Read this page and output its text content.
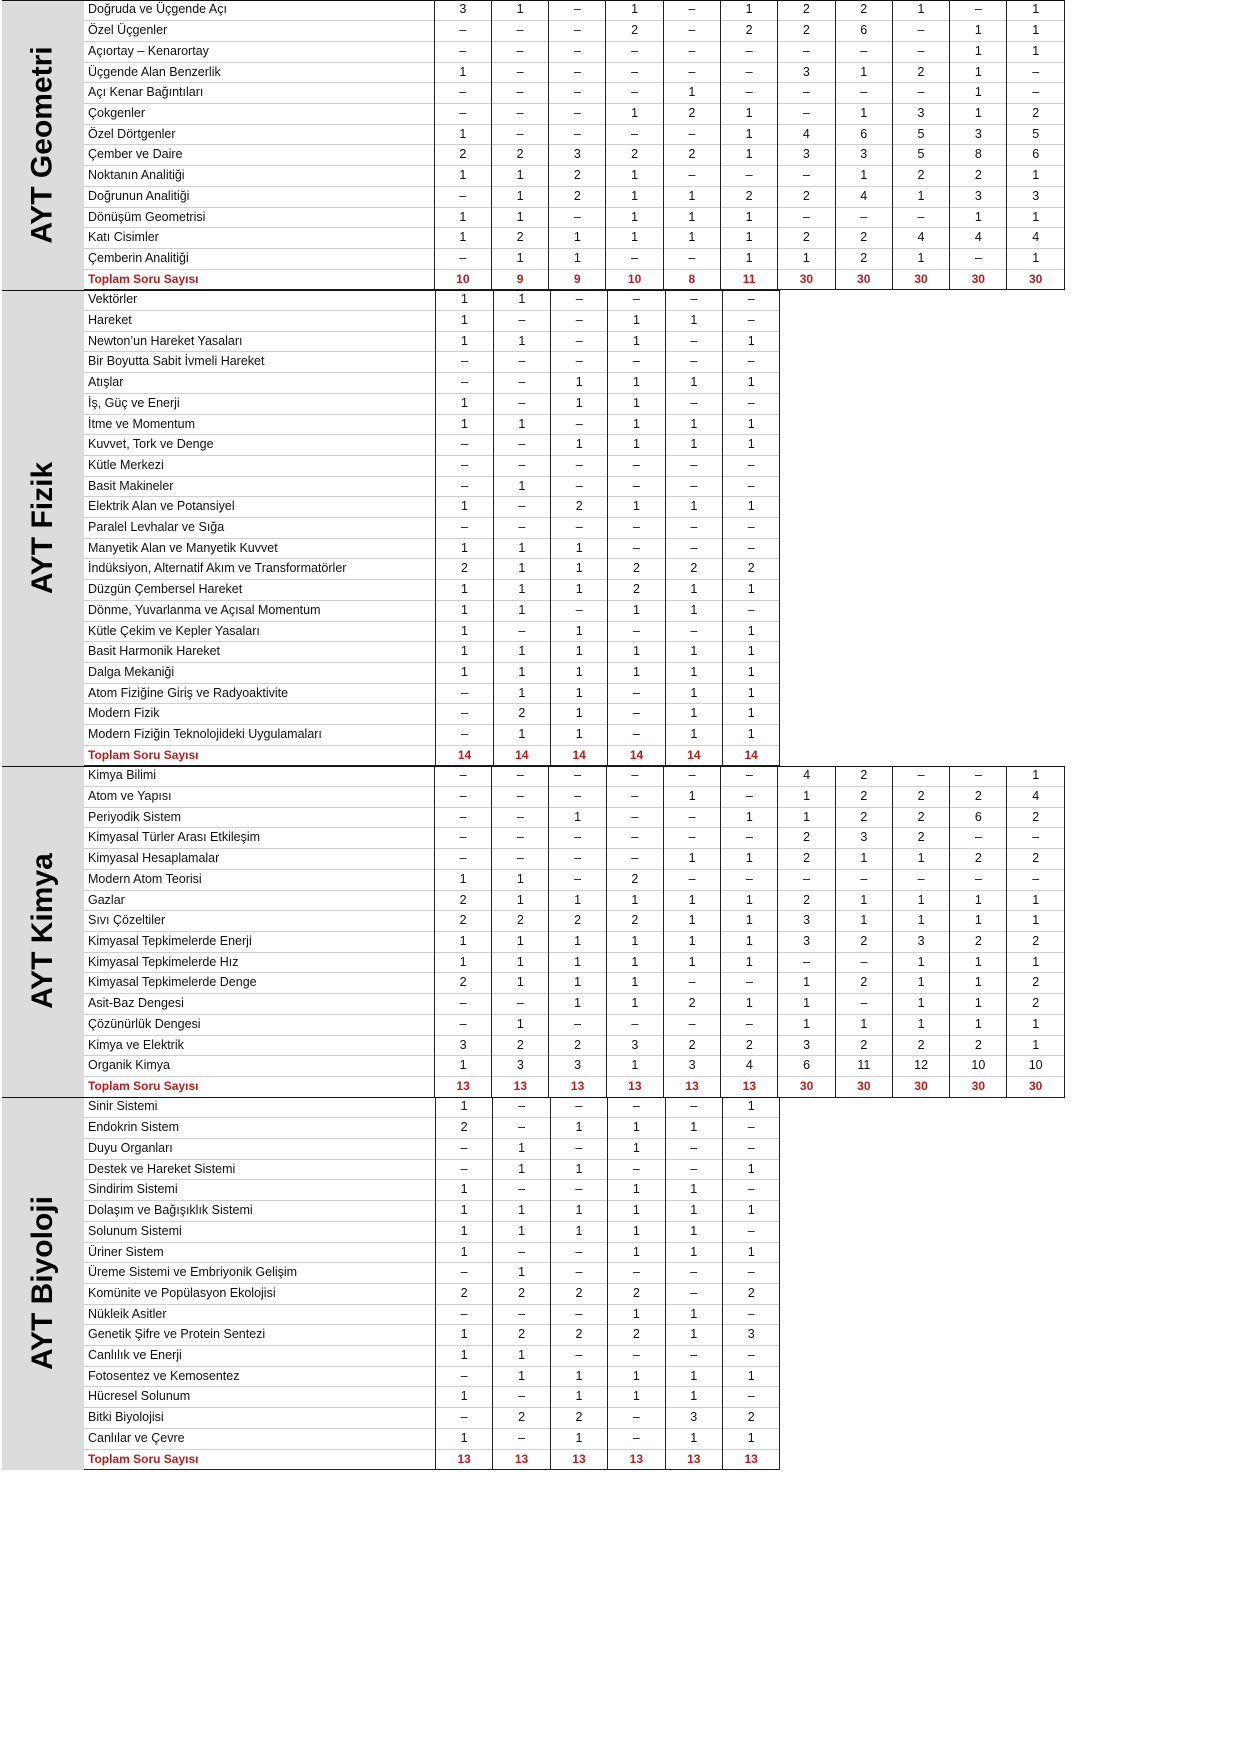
AYT Geometri
Doğruda ve Üçgende Açı	3	1	–	1	–	1	2	2	1	–	1
Özel Üçgenler	–	–	–	2	–	2	2	6	–	1	1
Açıortay – Kenarortay	–	–	–	–	–	–	–	–	–	1	1
Üçgende Alan Benzerlik	1	–	–	–	–	–	3	1	2	1	–
Açı Kenar Bağıntıları	–	–	–	–	1	–	–	–	–	1	–
Çokgenler	–	–	–	1	2	1	–	1	3	1	2
Özel Dörtgenler	1	–	–	–	–	1	4	6	5	3	5
Çember ve Daire	2	2	3	2	2	1	3	3	5	8	6
Noktanın Analitiği	1	1	2	1	–	–	–	1	2	2	1
Doğrunun Analitiği	–	1	2	1	1	2	2	4	1	3	3
Dönüşüm Geometrisi	1	1	–	1	1	1	–	–	–	1	1
Katı Cisimler	1	2	1	1	1	1	2	2	4	4	4
Çemberin Analitiği	–	1	1	–	–	1	1	2	1	–	1
Toplam Soru Sayısı	10	9	9	10	8	11	30	30	30	30	30
AYT Fizik
Vektörler	1	1	–	–	–	–
Hareket	1	–	–	1	1	–
Newton’un Hareket Yasaları	1	1	–	1	–	1
Bir Boyutta Sabit İvmeli Hareket	–	–	–	–	–	–
Atışlar	–	–	1	1	1	1
İş, Güç ve Enerji	1	–	1	1	–	–
İtme ve Momentum	1	1	–	1	1	1
Kuvvet, Tork ve Denge	–	–	1	1	1	1
Kütle Merkezi	–	–	–	–	–	–
Basit Makineler	–	1	–	–	–	–
Elektrik Alan ve Potansiyel	1	–	2	1	1	1
Paralel Levhalar ve Sığa	–	–	–	–	–	–
Manyetik Alan ve Manyetik Kuvvet	1	1	1	–	–	–
İndüksiyon, Alternatif Akım ve Transformatörler	2	1	1	2	2	2
Düzgün Çembersel Hareket	1	1	1	2	1	1
Dönme, Yuvarlanma ve Açısal Momentum	1	1	–	1	1	–
Kütle Çekim ve Kepler Yasaları	1	–	1	–	–	1
Basit Harmonik Hareket	1	1	1	1	1	1
Dalga Mekaniği	1	1	1	1	1	1
Atom Fiziğine Giriş ve Radyoaktivite	–	1	1	–	1	1
Modern Fizik	–	2	1	–	1	1
Modern Fiziğin Teknolojideki Uygulamaları	–	1	1	–	1	1
Toplam Soru Sayısı	14	14	14	14	14	14
AYT Kimya
Kimya Bilimi	–	–	–	–	–	–	4	2	–	–	1
Atom ve Yapısı	–	–	–	–	1	–	1	2	2	2	4
Periyodik Sistem	–	–	1	–	–	1	1	2	2	6	2
Kimyasal Türler Arası Etkileşim	–	–	–	–	–	–	2	3	2	–	–
Kimyasal Hesaplamalar	–	–	–	–	1	1	2	1	1	2	2
Modern Atom Teorisi	1	1	–	2	–	–	–	–	–	–	–
Gazlar	2	1	1	1	1	1	2	1	1	1	1
Sıvı Çözeltiler	2	2	2	2	1	1	3	1	1	1	1
Kimyasal Tepkimelerde Enerji	1	1	1	1	1	1	3	2	3	2	2
Kimyasal Tepkimelerde Hız	1	1	1	1	1	1	–	–	1	1	1
Kimyasal Tepkimelerde Denge	2	1	1	1	–	–	1	2	1	1	2
Asit-Baz Dengesi	–	–	1	1	2	1	1	–	1	1	2
Çözünürlük Dengesi	–	1	–	–	–	–	1	1	1	1	1
Kimya ve Elektrik	3	2	2	3	2	2	3	2	2	2	1
Organik Kimya	1	3	3	1	3	4	6	11	12	10	10
Toplam Soru Sayısı	13	13	13	13	13	13	30	30	30	30	30
AYT Biyoloji
Sinir Sistemi	1	–	–	–	–	1
Endokrin Sistem	2	–	1	1	1	–
Duyu Organları	–	1	–	1	–	–
Destek ve Hareket Sistemi	–	1	1	–	–	1
Sindirim Sistemi	1	–	–	1	1	–
Dolaşım ve Bağışıklık Sistemi	1	1	1	1	1	1
Solunum Sistemi	1	1	1	1	1	–
Üriner Sistem	1	–	–	1	1	1
Üreme Sistemi ve Embriyonik Gelişim	–	1	–	–	–	–
Komünite ve Popülasyon Ekolojisi	2	2	2	2	–	2
Nükleik Asitler	–	–	–	1	1	–
Genetik Şifre ve Protein Sentezi	1	2	2	2	1	3
Canlılık ve Enerji	1	1	–	–	–	–
Fotosentez ve Kemosentez	–	1	1	1	1	1
Hücresel Solunum	1	–	1	1	1	–
Bitki Biyolojisi	–	2	2	–	3	2
Canlılar ve Çevre	1	–	1	–	1	1
Toplam Soru Sayısı	13	13	13	13	13	13
